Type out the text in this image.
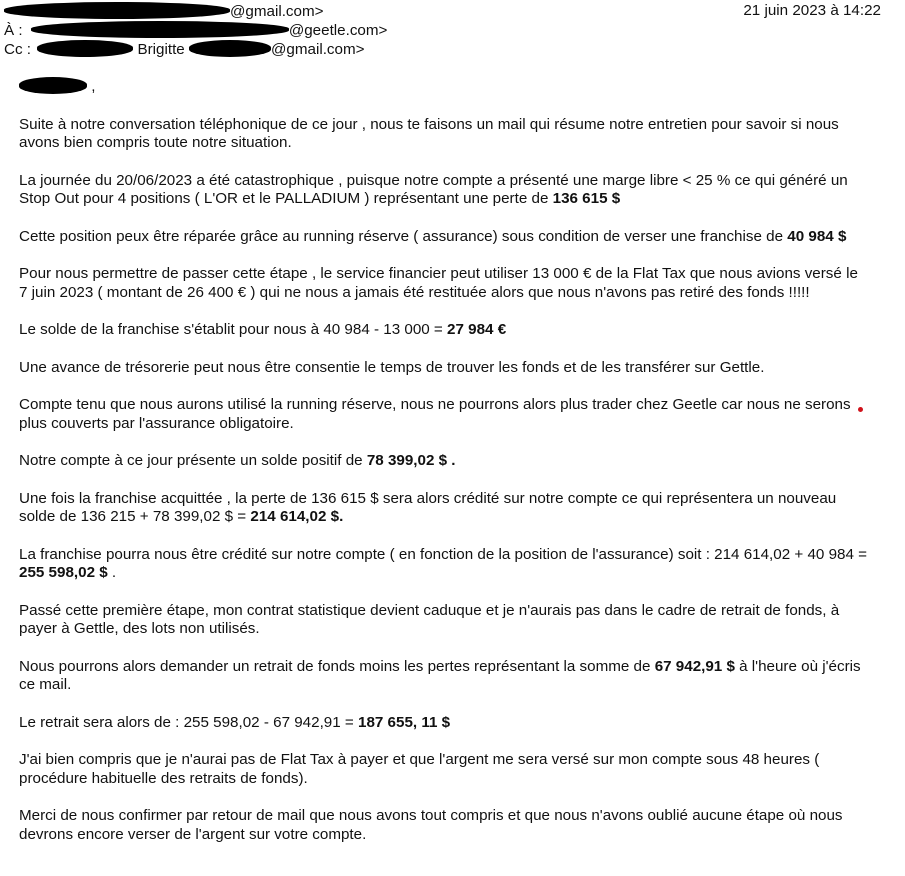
@gmail.com>	21 juin 2023 à 14:22
À :	@geetle.com>
Cc :	Brigitte	@gmail.com>

,

Suite à notre conversation téléphonique de ce jour , nous te faisons un mail qui résume notre entretien pour savoir si nous avons bien compris toute notre situation.

La journée du 20/06/2023 a été catastrophique , puisque notre compte a présenté une marge libre < 25 % ce qui généré un Stop Out pour 4 positions ( L'OR et le PALLADIUM ) représentant une perte de 136 615 $

Cette position peux être réparée grâce au running réserve ( assurance) sous condition de verser une franchise de 40 984 $

Pour nous permettre de passer cette étape , le service financier peut utiliser 13 000 € de la Flat Tax que nous avions versé le 7 juin 2023 ( montant de 26 400 € ) qui ne nous a jamais été restituée alors que nous n'avons pas retiré des fonds !!!!!

Le solde de la franchise s'établit pour nous à 40 984 - 13 000 = 27 984 €

Une avance de trésorerie peut nous être consentie le temps de trouver les fonds et de les transférer sur Gettle.

Compte tenu que nous aurons utilisé la running réserve, nous ne pourrons alors plus trader chez Geetle car nous ne serons plus couverts par l'assurance obligatoire.

Notre compte à ce jour présente un solde positif de 78 399,02 $ .

Une fois la franchise acquittée , la perte de 136 615 $ sera alors crédité sur notre compte ce qui représentera un nouveau solde de 136 215 + 78 399,02 $ = 214 614,02 $.

La franchise pourra nous être crédité sur notre compte ( en fonction de la position de l'assurance) soit : 214 614,02 + 40 984 = 255 598,02 $ .

Passé cette première étape, mon contrat statistique devient caduque et je n'aurais pas dans le cadre de retrait de fonds, à payer à Gettle, des lots non utilisés.

Nous pourrons alors demander un retrait de fonds moins les pertes représentant la somme de 67 942,91 $ à l'heure où j'écris ce mail.

Le retrait sera alors de : 255 598,02 - 67 942,91 = 187 655, 11 $

J'ai bien compris que je n'aurai pas de Flat Tax à payer et que l'argent me sera versé sur mon compte sous 48 heures ( procédure habituelle des retraits de fonds).

Merci de nous confirmer par retour de mail que nous avons tout compris et que nous n'avons oublié aucune étape où nous devrons encore verser de l'argent sur votre compte.
